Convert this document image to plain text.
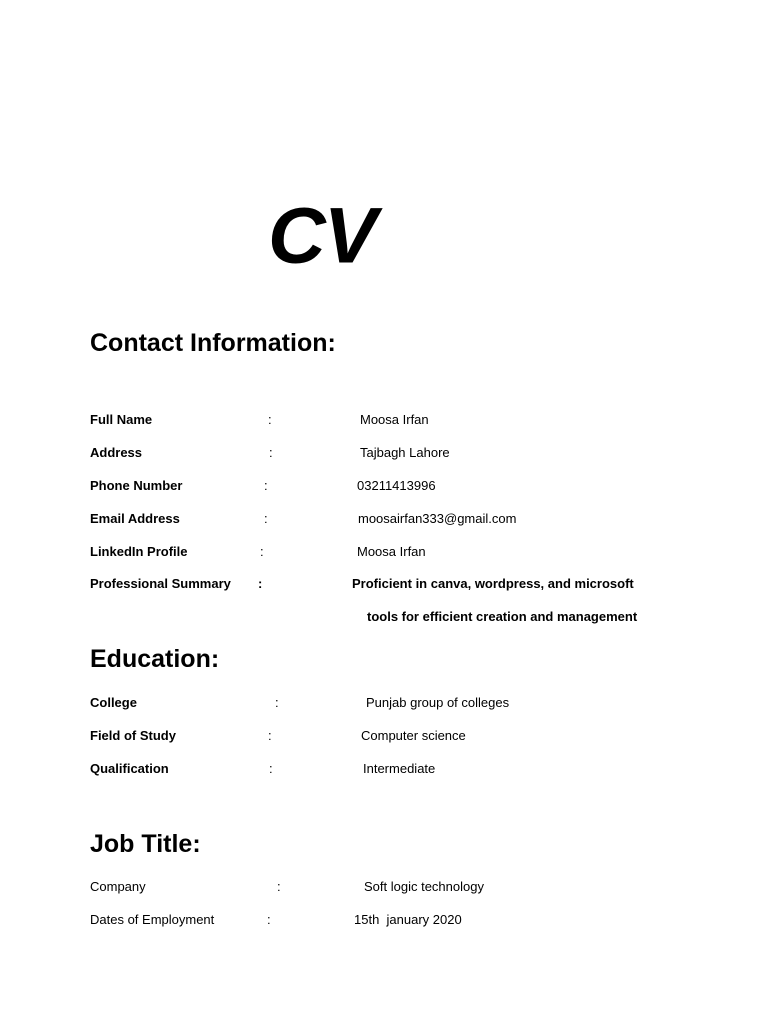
CV
Contact Information:
Full Name	:	Moosa Irfan
Address	:	Tajbagh Lahore
Phone Number	:	03211413996
Email Address	:	moosairfan333@gmail.com
LinkedIn Profile	:	Moosa Irfan
Professional Summary :	Proficient in canva, wordpress, and microsoft
tools for efficient creation and management
Education:
College	:	Punjab group of colleges
Field of Study	:	Computer science
Qualification	:	Intermediate
Job Title:
Company	:	Soft logic technology
Dates of Employment	:	15th  january 2020
